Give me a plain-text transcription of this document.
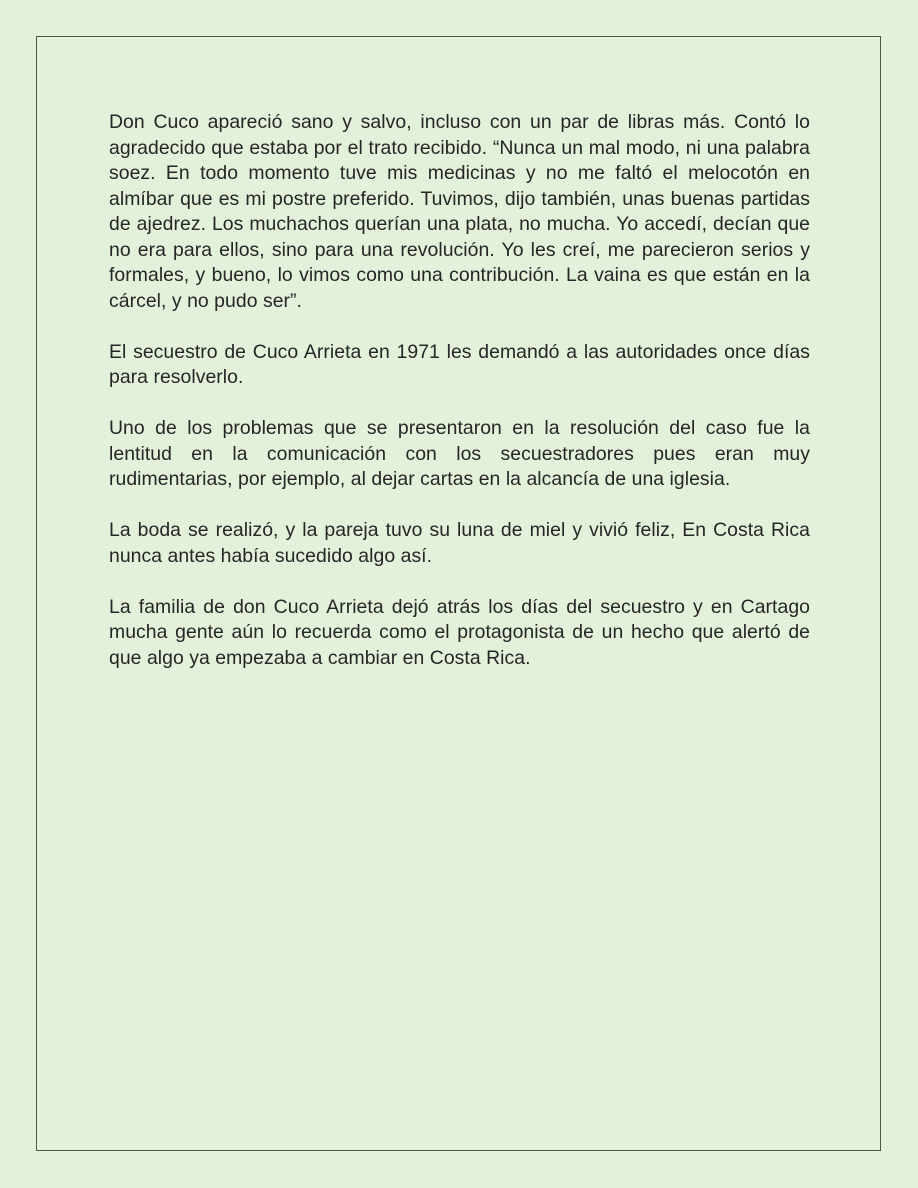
Don Cuco apareció sano y salvo, incluso con un par de libras más. Contó lo agradecido que estaba por el trato recibido. “Nunca un mal modo, ni una palabra soez. En todo momento tuve mis medicinas y no me faltó el melocotón en almíbar que es mi postre preferido. Tuvimos, dijo también, unas buenas partidas de ajedrez. Los muchachos querían una plata, no mucha. Yo accedí, decían que no era para ellos, sino para una revolución. Yo les creí, me parecieron serios y formales, y bueno, lo vimos como una contribución. La vaina es que están en la cárcel, y no pudo ser”.

El secuestro de Cuco Arrieta en 1971 les demandó a las autoridades once días para resolverlo.

Uno de los problemas que se presentaron en la resolución del caso fue la lentitud en la comunicación con los secuestradores pues eran muy rudimentarias, por ejemplo, al dejar cartas en la alcancía de una iglesia.

La boda se realizó, y la pareja tuvo su luna de miel y vivió feliz, En Costa Rica nunca antes había sucedido algo así.

La familia de don Cuco Arrieta dejó atrás los días del secuestro y en Cartago mucha gente aún lo recuerda como el protagonista de un hecho que alertó de que algo ya empezaba a cambiar en Costa Rica.
